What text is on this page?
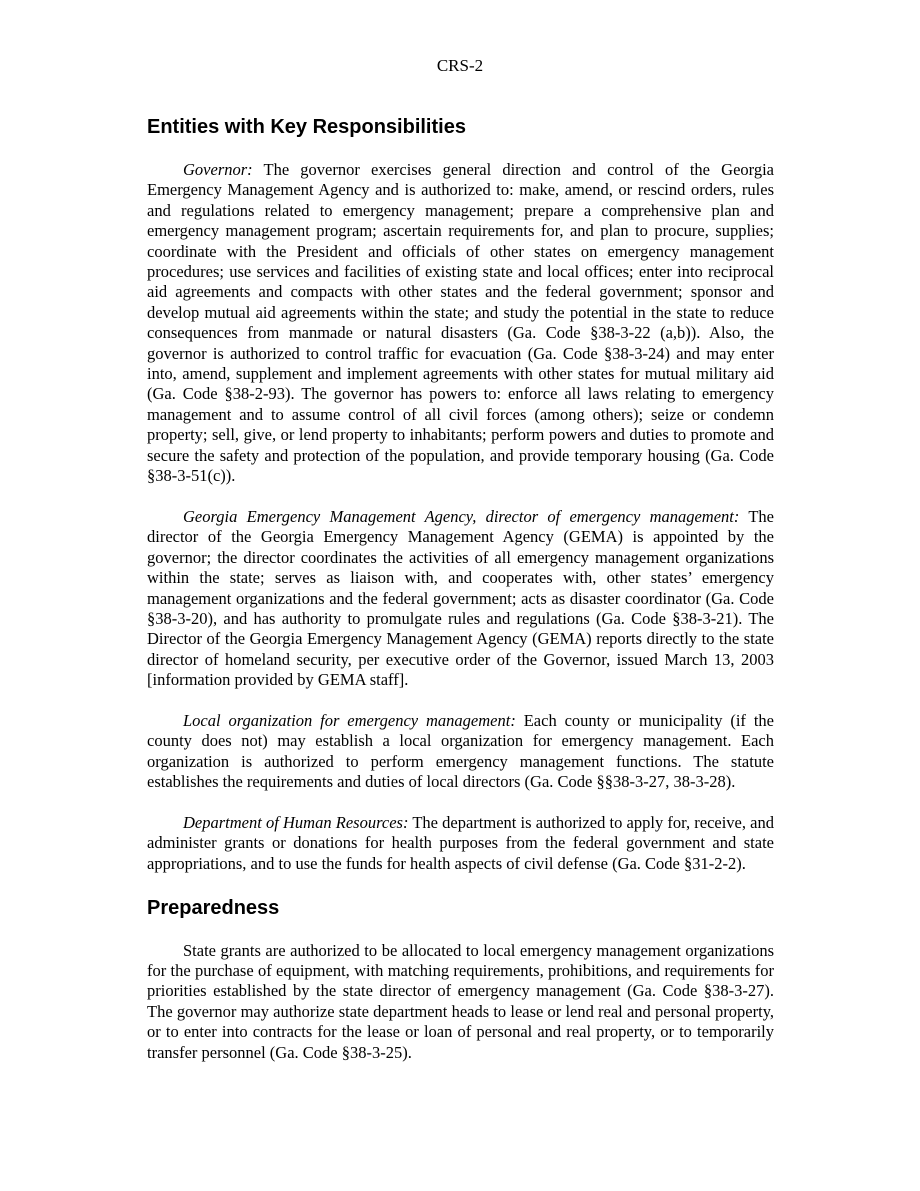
CRS-2
Entities with Key Responsibilities

Governor: The governor exercises general direction and control of the Georgia Emergency Management Agency and is authorized to: make, amend, or rescind orders, rules and regulations related to emergency management; prepare a comprehensive plan and emergency management program; ascertain requirements for, and plan to procure, supplies; coordinate with the President and officials of other states on emergency management procedures; use services and facilities of existing state and local offices; enter into reciprocal aid agreements and compacts with other states and the federal government; sponsor and develop mutual aid agreements within the state; and study the potential in the state to reduce consequences from manmade or natural disasters (Ga. Code §38-3-22 (a,b)). Also, the governor is authorized to control traffic for evacuation (Ga. Code §38-3-24) and may enter into, amend, supplement and implement agreements with other states for mutual military aid (Ga. Code §38-2-93). The governor has powers to: enforce all laws relating to emergency management and to assume control of all civil forces (among others); seize or condemn property; sell, give, or lend property to inhabitants; perform powers and duties to promote and secure the safety and protection of the population, and provide temporary housing (Ga. Code §38-3-51(c)).

Georgia Emergency Management Agency, director of emergency management: The director of the Georgia Emergency Management Agency (GEMA) is appointed by the governor; the director coordinates the activities of all emergency management organizations within the state; serves as liaison with, and cooperates with, other states’ emergency management organizations and the federal government; acts as disaster coordinator (Ga. Code §38-3-20), and has authority to promulgate rules and regulations (Ga. Code §38-3-21). The Director of the Georgia Emergency Management Agency (GEMA) reports directly to the state director of homeland security, per executive order of the Governor, issued March 13, 2003 [information provided by GEMA staff].

Local organization for emergency management: Each county or municipality (if the county does not) may establish a local organization for emergency management. Each organization is authorized to perform emergency management functions. The statute establishes the requirements and duties of local directors (Ga. Code §§38-3-27, 38-3-28).

Department of Human Resources: The department is authorized to apply for, receive, and administer grants or donations for health purposes from the federal government and state appropriations, and to use the funds for health aspects of civil defense (Ga. Code §31-2-2).

Preparedness

State grants are authorized to be allocated to local emergency management organizations for the purchase of equipment, with matching requirements, prohibitions, and requirements for priorities established by the state director of emergency management (Ga. Code §38-3-27). The governor may authorize state department heads to lease or lend real and personal property, or to enter into contracts for the lease or loan of personal and real property, or to temporarily transfer personnel (Ga. Code §38-3-25).
